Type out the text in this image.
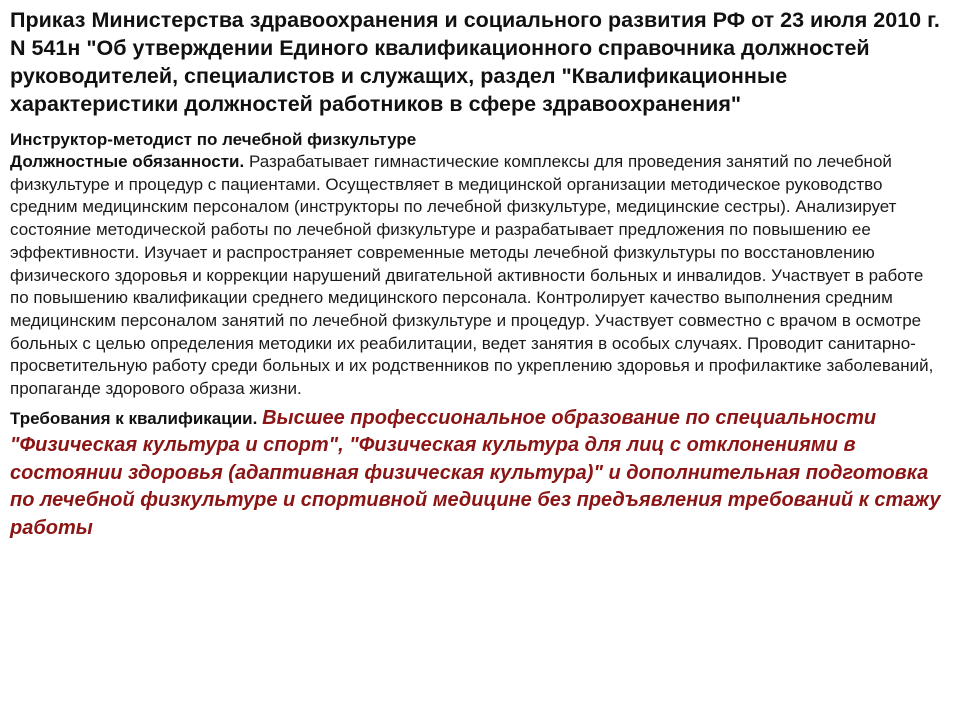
Приказ Министерства здравоохранения и социального развития РФ от 23 июля 2010 г. N 541н "Об утверждении Единого квалификационного справочника должностей руководителей, специалистов и служащих, раздел "Квалификационные характеристики должностей работников в сфере здравоохранения"
Инструктор-методист по лечебной физкультуре

Должностные обязанности. Разрабатывает гимнастические комплексы для проведения занятий по лечебной физкультуре и процедур с пациентами. Осуществляет в медицинской организации методическое руководство средним медицинским персоналом (инструкторы по лечебной физкультуре, медицинские сестры). Анализирует состояние методической работы по лечебной физкультуре и разрабатывает предложения по повышению ее эффективности. Изучает и распространяет современные методы лечебной физкультуры по восстановлению физического здоровья и коррекции нарушений двигательной активности больных и инвалидов. Участвует в работе по повышению квалификации среднего медицинского персонала. Контролирует качество выполнения средним медицинским персоналом занятий по лечебной физкультуре и процедур. Участвует совместно с врачом в осмотре больных с целью определения методики их реабилитации, ведет занятия в особых случаях. Проводит санитарно-просветительную работу среди больных и их родственников по укреплению здоровья и профилактике заболеваний, пропаганде здорового образа жизни.

Требования к квалификации. Высшее профессиональное образование по специальности "Физическая культура и спорт", "Физическая культура для лиц с отклонениями в состоянии здоровья (адаптивная физическая культура)" и дополнительная подготовка по лечебной физкультуре и спортивной медицине без предъявления требований к стажу работы
